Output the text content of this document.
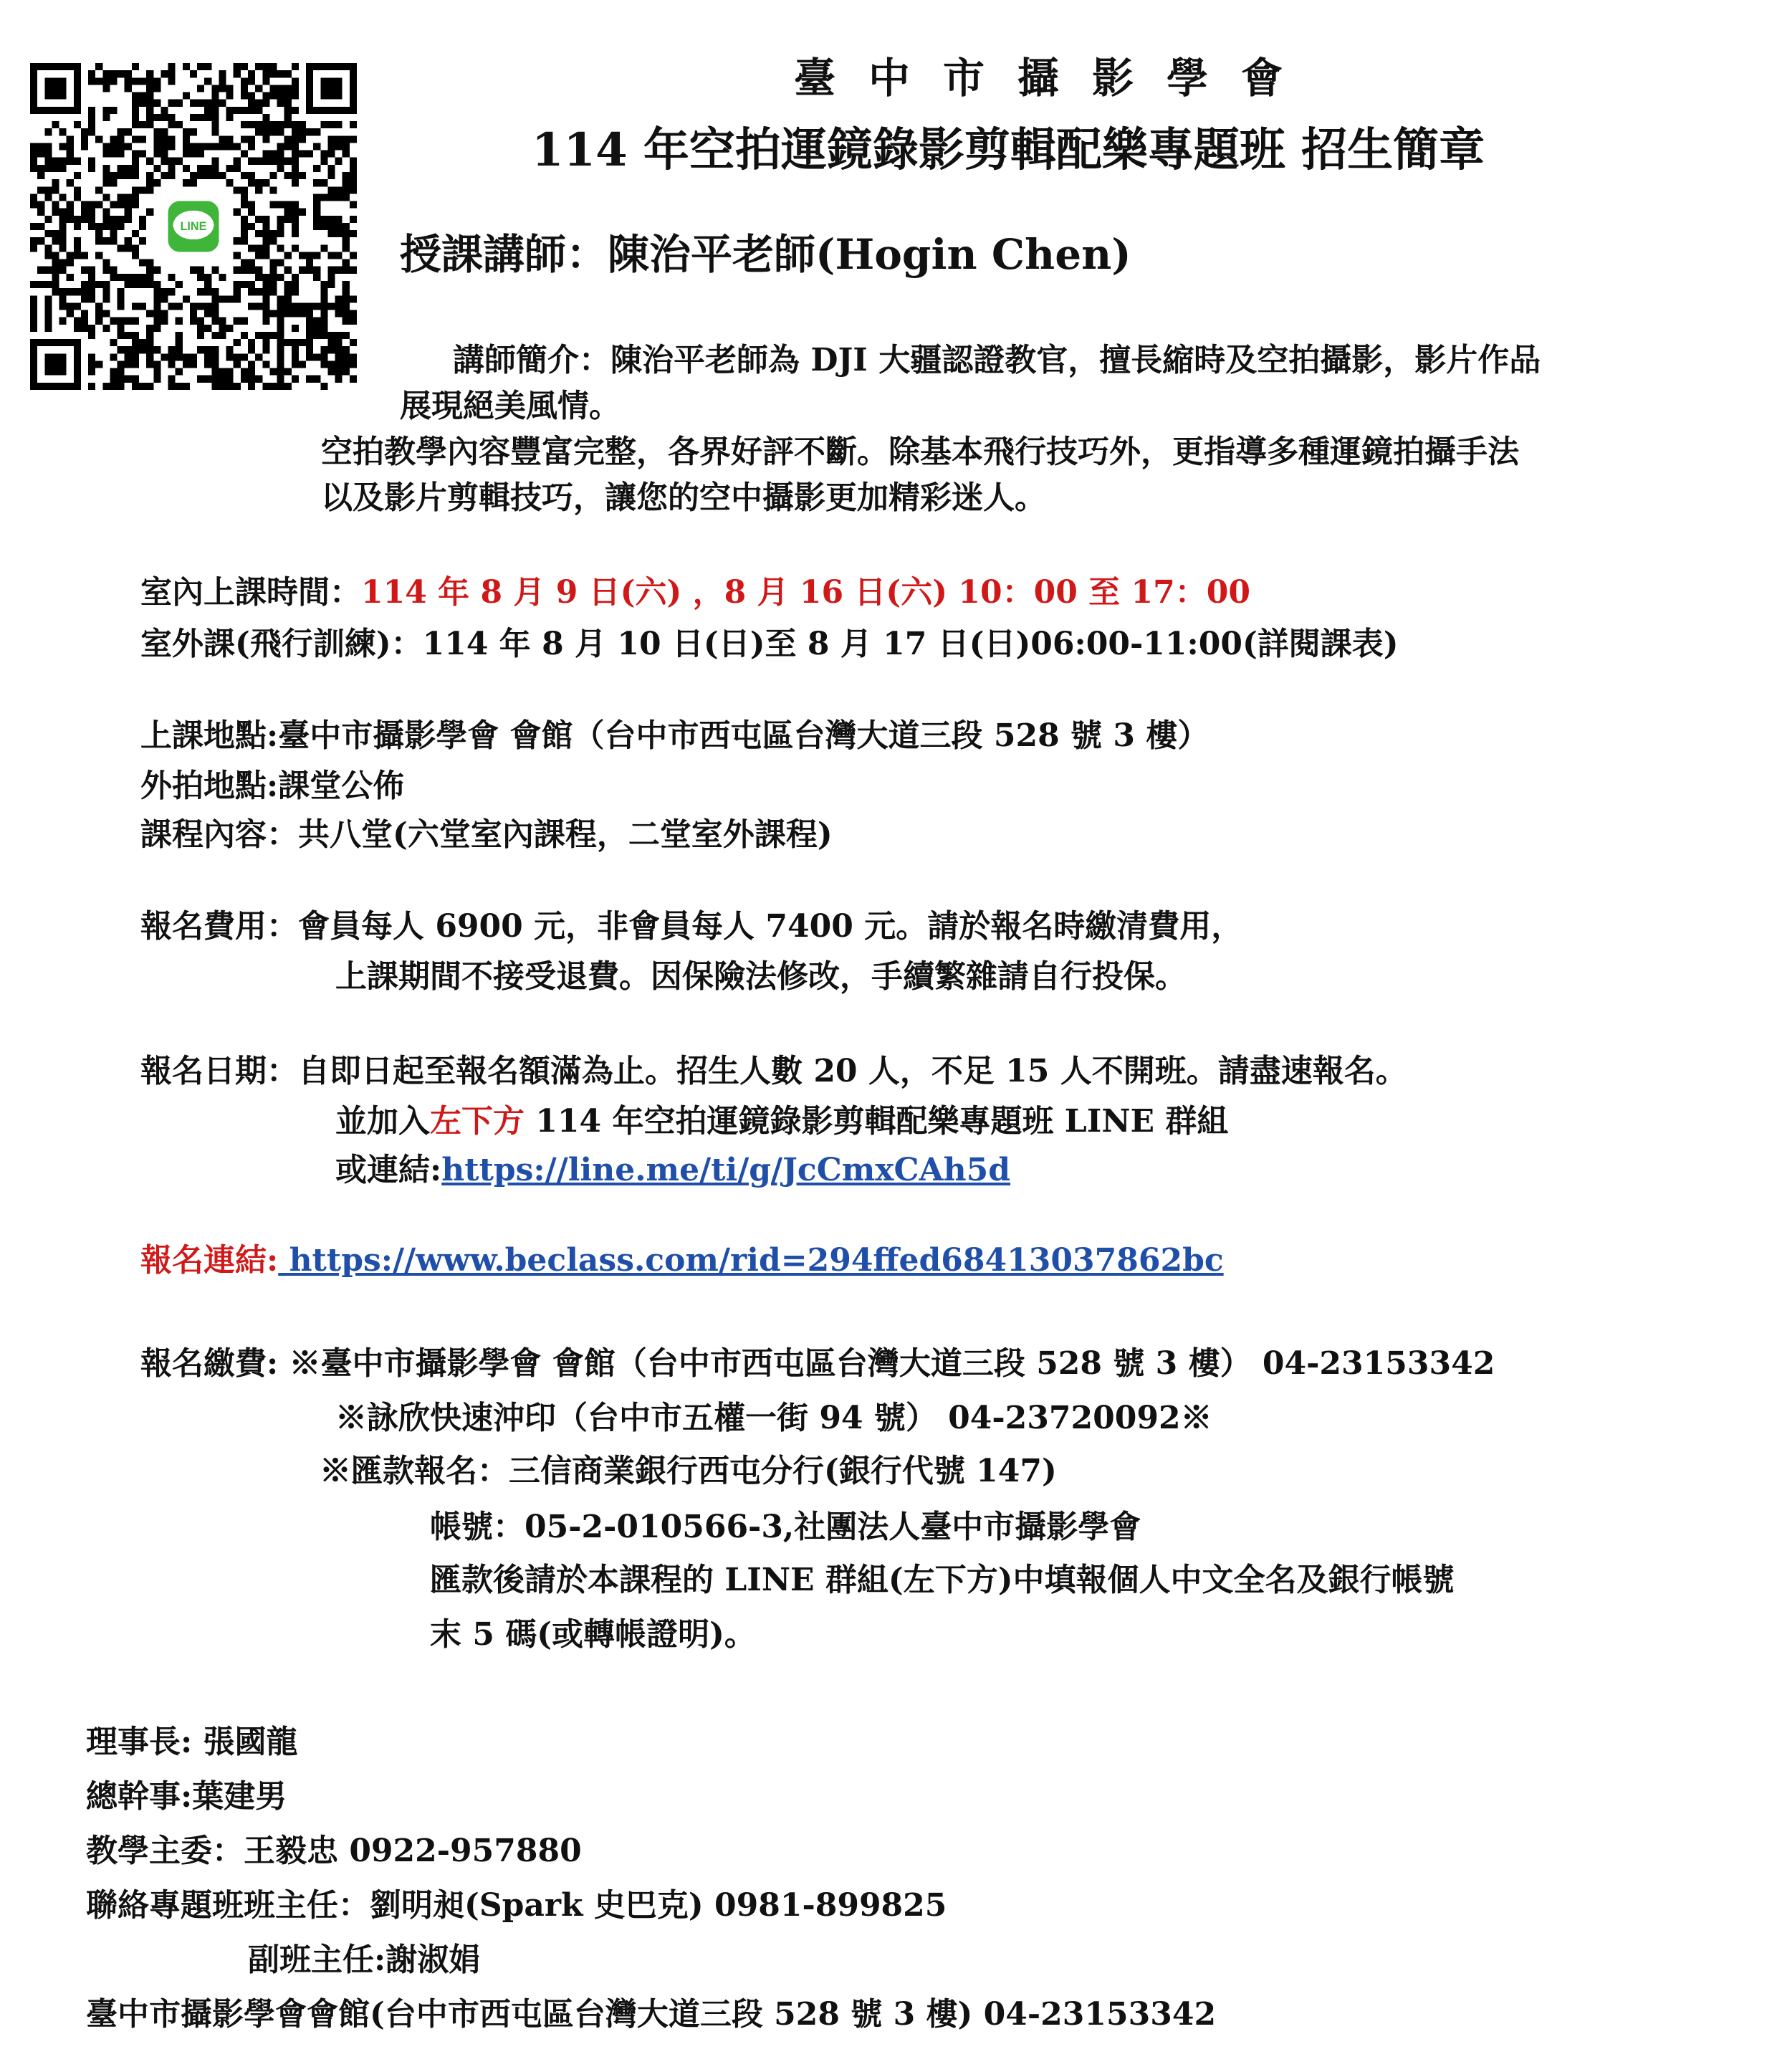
LINE
臺中市攝影學會
114 年空拍運鏡錄影剪輯配樂專題班 招生簡章
授課講師：陳治平老師(Hogin Chen)
講師簡介：陳治平老師為 DJI 大疆認證教官，擅長縮時及空拍攝影，影片作品
展現絕美風情。
空拍教學內容豐富完整，各界好評不斷。除基本飛行技巧外，更指導多種運鏡拍攝手法
以及影片剪輯技巧，讓您的空中攝影更加精彩迷人。
室內上課時間：114 年 8 月 9 日(六) ，8 月 16 日(六) 10：00 至 17：00
室外課(飛行訓練)：114 年 8 月 10 日(日)至 8 月 17 日(日)06:00-11:00(詳閱課表)
上課地點:臺中市攝影學會 會館（台中市西屯區台灣大道三段 528 號 3 樓）
外拍地點:課堂公佈
課程內容：共八堂(六堂室內課程，二堂室外課程)
報名費用：會員每人 6900 元，非會員每人 7400 元。請於報名時繳清費用，
上課期間不接受退費。因保險法修改，手續繁雜請自行投保。
報名日期：自即日起至報名額滿為止。招生人數 20 人，不足 15 人不開班。請盡速報名。
並加入左下方 114 年空拍運鏡錄影剪輯配樂專題班 LINE 群組
或連結:https://line.me/ti/g/JcCmxCAh5d
報名連結: https://www.beclass.com/rid=294ffed68413037862bc
報名繳費: ※臺中市攝影學會 會館（台中市西屯區台灣大道三段 528 號 3 樓） 04-23153342
※詠欣快速沖印（台中市五權一街 94 號） 04-23720092※
※匯款報名：三信商業銀行西屯分行(銀行代號 147)
帳號：05-2-010566-3,社團法人臺中市攝影學會
匯款後請於本課程的 LINE 群組(左下方)中填報個人中文全名及銀行帳號
末 5 碼(或轉帳證明)。
理事長: 張國龍
總幹事:葉建男
教學主委：王毅忠 0922-957880
聯絡專題班班主任：劉明昶(Spark 史巴克) 0981-899825
副班主任:謝淑娟
臺中市攝影學會會館(台中市西屯區台灣大道三段 528 號 3 樓) 04-23153342
